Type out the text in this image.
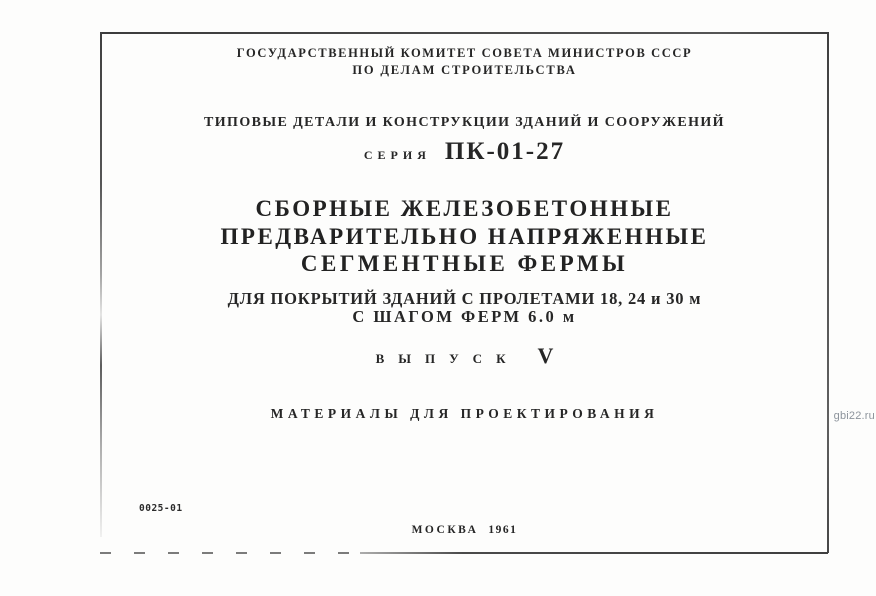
ГОСУДАРСТВЕННЫЙ КОМИТЕТ СОВЕТА МИНИСТРОВ СССР
ПО ДЕЛАМ СТРОИТЕЛЬСТВА
ТИПОВЫЕ ДЕТАЛИ И КОНСТРУКЦИИ ЗДАНИЙ И СООРУЖЕНИЙ
СЕРИЯ ПК-01-27
СБОРНЫЕ ЖЕЛЕЗОБЕТОННЫЕ
ПРЕДВАРИТЕЛЬНО НАПРЯЖЕННЫЕ
СЕГМЕНТНЫЕ ФЕРМЫ
ДЛЯ ПОКРЫТИЙ ЗДАНИЙ С ПРОЛЕТАМИ 18, 24 и 30 м
С ШАГОМ ФЕРМ 6.0 м
ВЫПУСК V
МАТЕРИАЛЫ ДЛЯ ПРОЕКТИРОВАНИЯ
0025-01
МОСКВА 1961
gbi22.ru
